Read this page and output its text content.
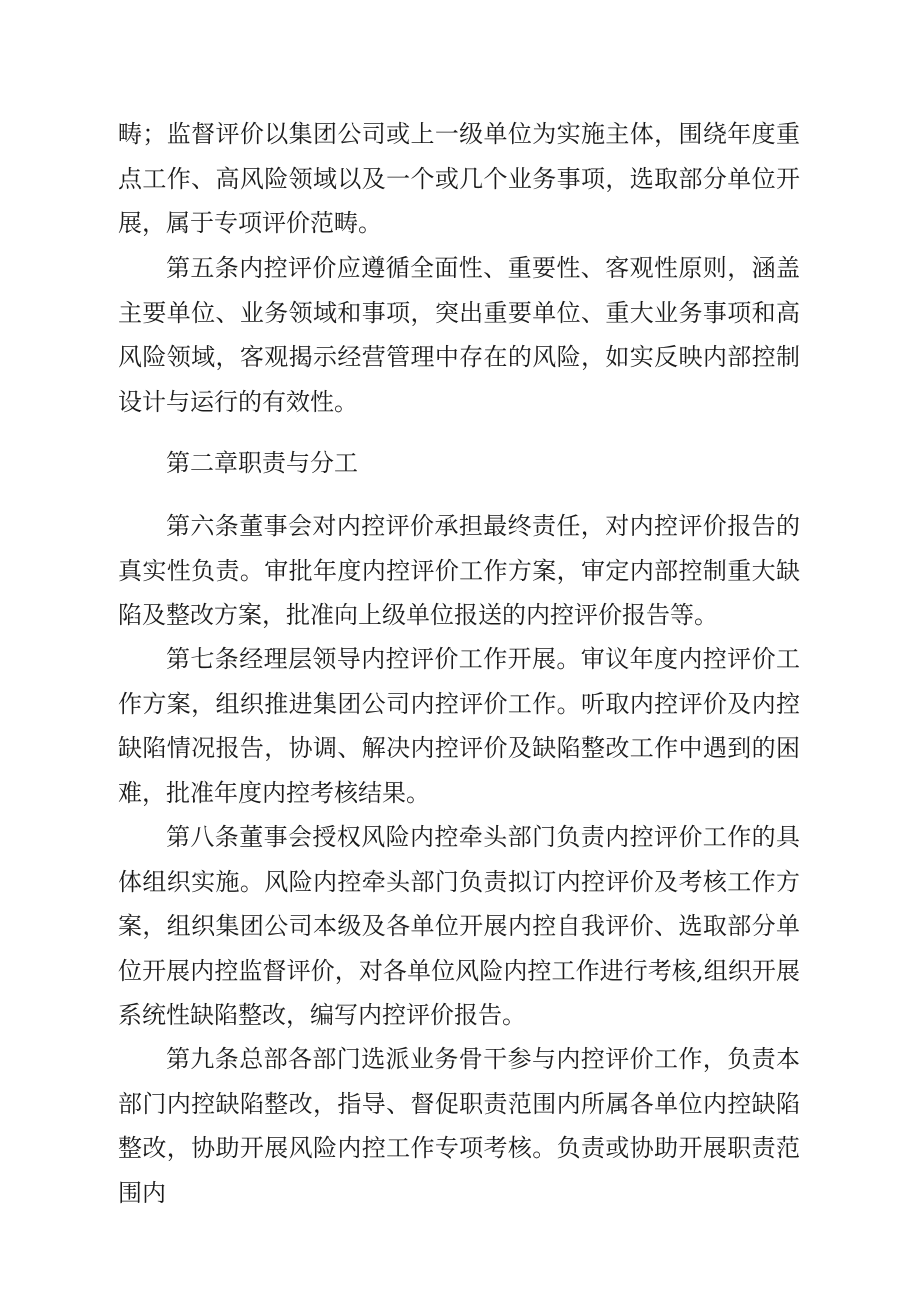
畴；监督评价以集团公司或上一级单位为实施主体，围绕年度重点工作、高风险领域以及一个或几个业务事项，选取部分单位开展，属于专项评价范畴。

第五条内控评价应遵循全面性、重要性、客观性原则，涵盖主要单位、业务领域和事项，突出重要单位、重大业务事项和高风险领域，客观揭示经营管理中存在的风险，如实反映内部控制设计与运行的有效性。

第二章职责与分工

第六条董事会对内控评价承担最终责任，对内控评价报告的真实性负责。审批年度内控评价工作方案，审定内部控制重大缺陷及整改方案，批准向上级单位报送的内控评价报告等。

第七条经理层领导内控评价工作开展。审议年度内控评价工作方案，组织推进集团公司内控评价工作。听取内控评价及内控缺陷情况报告，协调、解决内控评价及缺陷整改工作中遇到的困难，批准年度内控考核结果。

第八条董事会授权风险内控牵头部门负责内控评价工作的具体组织实施。风险内控牵头部门负责拟订内控评价及考核工作方案，组织集团公司本级及各单位开展内控自我评价、选取部分单位开展内控监督评价，对各单位风险内控工作进行考核,组织开展系统性缺陷整改，编写内控评价报告。

第九条总部各部门选派业务骨干参与内控评价工作，负责本部门内控缺陷整改，指导、督促职责范围内所属各单位内控缺陷整改，协助开展风险内控工作专项考核。负责或协助开展职责范围内
